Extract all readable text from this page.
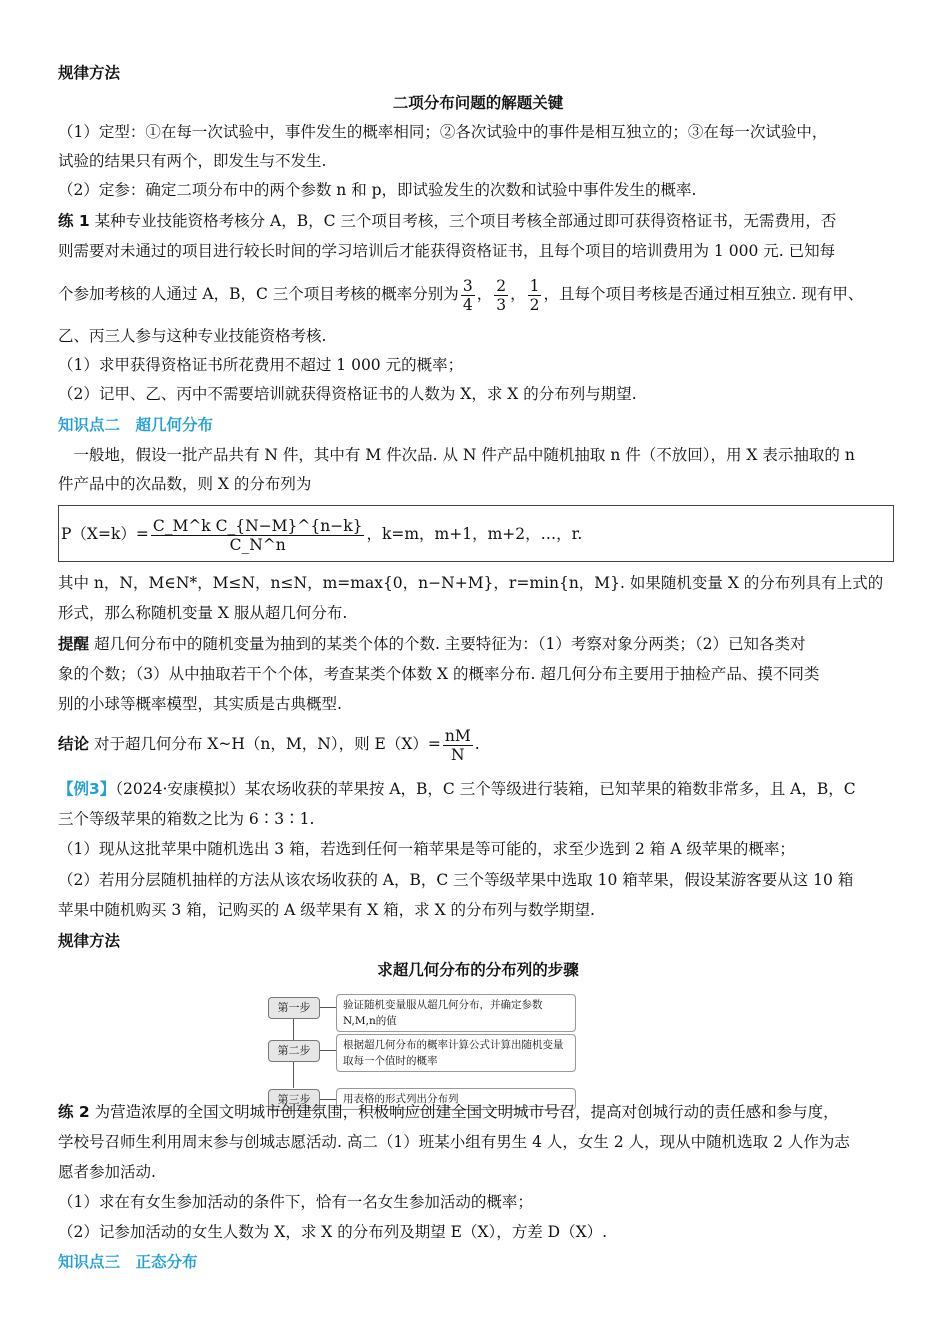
规律方法
二项分布问题的解题关键
（1）定型：①在每一次试验中，事件发生的概率相同；②各次试验中的事件是相互独立的；③在每一次试验中，
试验的结果只有两个，即发生与不发生.
（2）定参：确定二项分布中的两个参数 n 和 p，即试验发生的次数和试验中事件发生的概率.
练 1 某种专业技能资格考核分 A，B，C 三个项目考核，三个项目考核全部通过即可获得资格证书，无需费用，否
则需要对未通过的项目进行较长时间的学习培训后才能获得资格证书，且每个项目的培训费用为 1 000 元. 已知每
个参加考核的人通过 A，B，C 三个项目考核的概率分别为 $\frac{3}{4}$ ， $\frac{2}{3}$ ， $\frac{1}{2}$ ，且每个项目考核是否通过相互独立. 现有甲、
乙、丙三人参与这种专业技能资格考核.
（1）求甲获得资格证书所花费用不超过 1 000 元的概率；
（2）记甲、乙、丙中不需要培训就获得资格证书的人数为 X，求 X 的分布列与期望.
知识点二　超几何分布
　一般地，假设一批产品共有 N 件，其中有 M 件次品. 从 N 件产品中随机抽取 n 件（不放回），用 X 表示抽取的 n
件产品中的次品数，则 X 的分布列为
$P(X=k)= \frac{\text{C\_M\textasciicircum{}k C\_\{N−M\}\textasciicircum{}\{n−k\}}}{C\_N\^{}n}$ ，k=m，m+1，m+2，…，r.
其中 n，N，M∈N*，M≤N，n≤N，m=max{0，n−N+M}，r=min{n，M}. 如果随机变量 X 的分布列具有上式的
形式，那么称随机变量 X 服从超几何分布.
提醒 超几何分布中的随机变量为抽到的某类个体的个数. 主要特征为：（1）考察对象分两类；（2）已知各类对
象的个数；（3）从中抽取若干个个体，考查某类个体数 X 的概率分布. 超几何分布主要用于抽检产品、摸不同类
别的小球等概率模型，其实质是古典概型.
结论 对于超几何分布 X~H（n，M，N），则 $E(X)= \frac{nM}{N}$ .
【例3】（2024·安康模拟）某农场收获的苹果按 A，B，C 三个等级进行装箱，已知苹果的箱数非常多，且 A，B，C
三个等级苹果的箱数之比为 6∶3∶1.
（1）现从这批苹果中随机选出 3 箱，若选到任何一箱苹果是等可能的，求至少选到 2 箱 A 级苹果的概率；
（2）若用分层随机抽样的方法从该农场收获的 A，B，C 三个等级苹果中选取 10 箱苹果，假设某游客要从这 10 箱
苹果中随机购买 3 箱，记购买的 A 级苹果有 X 箱，求 X 的分布列与数学期望.
规律方法
求超几何分布的分布列的步骤
第一步	验证随机变量服从超几何分布，并确定参数N,M,n的值
第二步	根据超几何分布的概率计算公式计算出随机变量取每一个值时的概率
第三步	用表格的形式列出分布列
练 2 为营造浓厚的全国文明城市创建氛围，积极响应创建全国文明城市号召，提高对创城行动的责任感和参与度，
学校号召师生利用周末参与创城志愿活动. 高二（1）班某小组有男生 4 人，女生 2 人，现从中随机选取 2 人作为志
愿者参加活动.
（1）求在有女生参加活动的条件下，恰有一名女生参加活动的概率；
（2）记参加活动的女生人数为 X，求 X 的分布列及期望 E（X），方差 D（X）.
知识点三　正态分布
